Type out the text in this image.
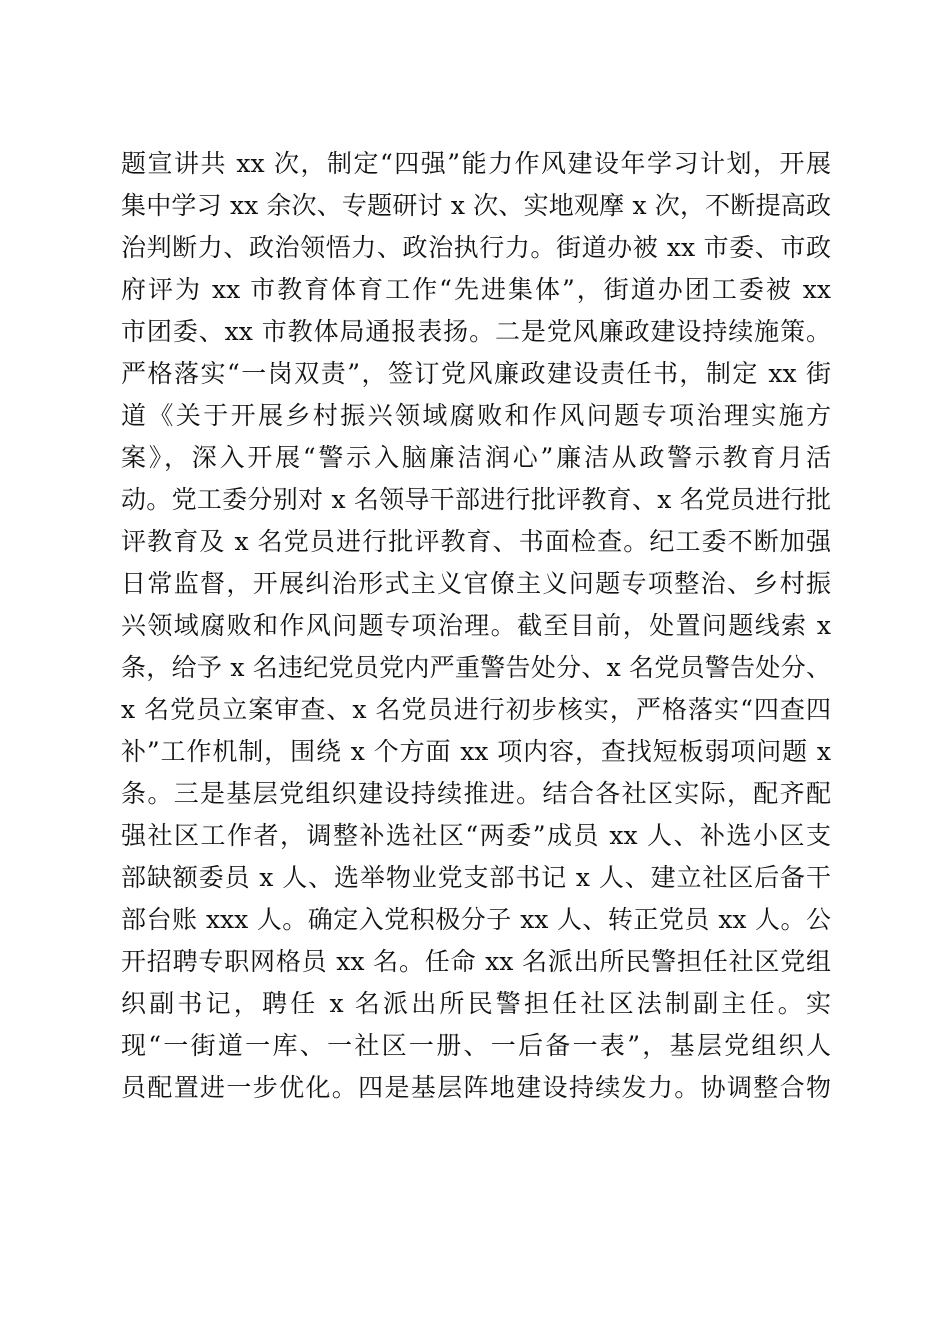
题宣讲共 xx 次，制定“四强”能力作风建设年学习计划，开展
集中学习 xx 余次、专题研讨 x 次、实地观摩 x 次，不断提高政
治判断力、政治领悟力、政治执行力。街道办被 xx 市委、市政
府评为 xx 市教育体育工作“先进集体”，街道办团工委被 xx
市团委、xx 市教体局通报表扬。二是党风廉政建设持续施策。
严格落实“一岗双责”，签订党风廉政建设责任书，制定 xx 街
道《关于开展乡村振兴领域腐败和作风问题专项治理实施方
案》，深入开展“警示入脑廉洁润心”廉洁从政警示教育月活
动。党工委分别对 x 名领导干部进行批评教育、x 名党员进行批
评教育及 x 名党员进行批评教育、书面检查。纪工委不断加强
日常监督，开展纠治形式主义官僚主义问题专项整治、乡村振
兴领域腐败和作风问题专项治理。截至目前，处置问题线索 x
条，给予 x 名违纪党员党内严重警告处分、x 名党员警告处分、
x 名党员立案审查、x 名党员进行初步核实，严格落实“四查四
补”工作机制，围绕 x 个方面 xx 项内容，查找短板弱项问题 x
条。三是基层党组织建设持续推进。结合各社区实际，配齐配
强社区工作者，调整补选社区“两委”成员 xx 人、补选小区支
部缺额委员 x 人、选举物业党支部书记 x 人、建立社区后备干
部台账 xxx 人。确定入党积极分子 xx 人、转正党员 xx 人。公
开招聘专职网格员 xx 名。任命 xx 名派出所民警担任社区党组
织副书记，聘任 x 名派出所民警担任社区法制副主任。实
现“一街道一库、一社区一册、一后备一表”，基层党组织人
员配置进一步优化。四是基层阵地建设持续发力。协调整合物
